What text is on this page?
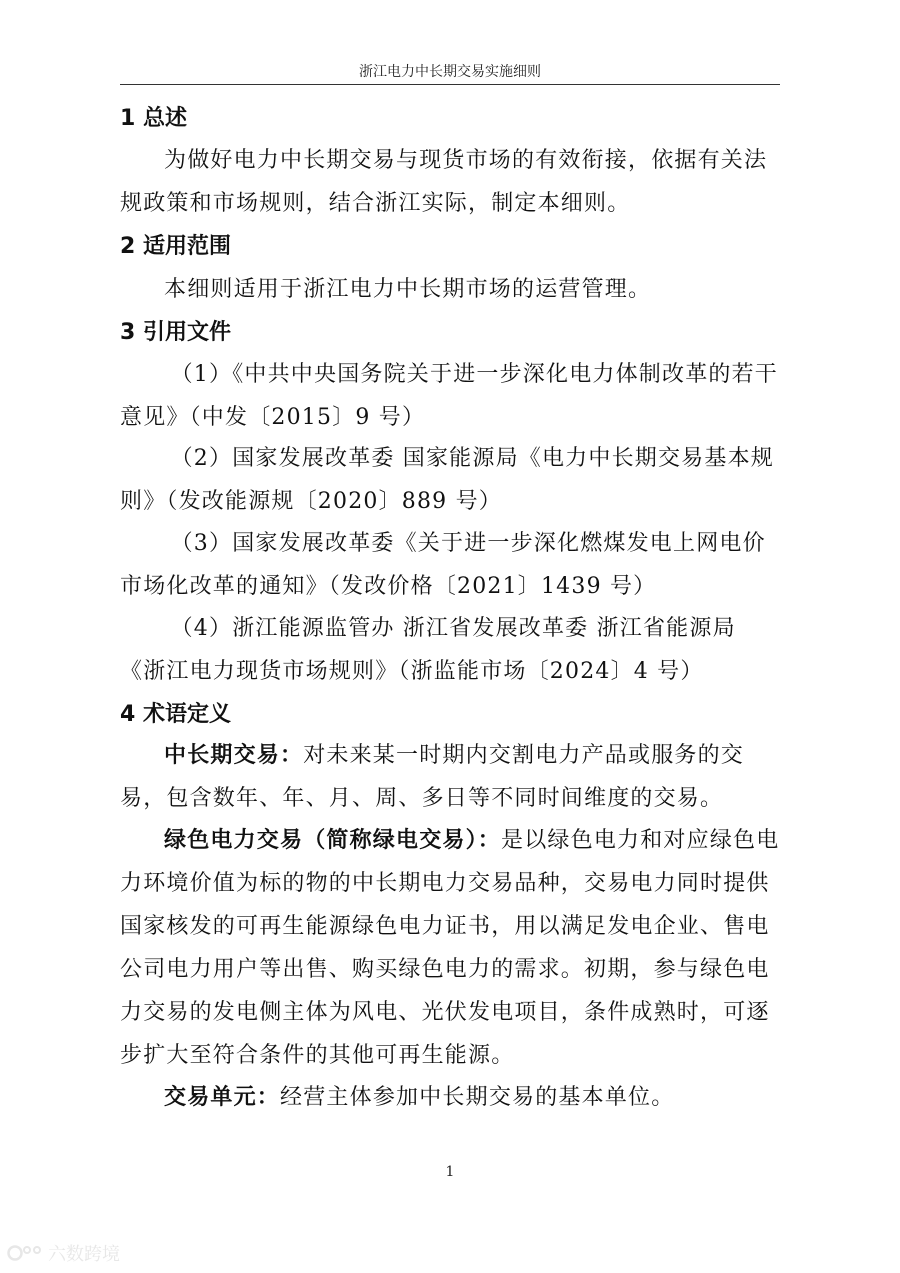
浙江电力中长期交易实施细则
1 总述

为做好电力中长期交易与现货市场的有效衔接，依据有关法规政策和市场规则，结合浙江实际，制定本细则。

2 适用范围

本细则适用于浙江电力中长期市场的运营管理。

3 引用文件

（1）《中共中央国务院关于进一步深化电力体制改革的若干意见》（中发〔2015〕9 号）

（2）国家发展改革委 国家能源局《电力中长期交易基本规则》（发改能源规〔2020〕889 号）

（3）国家发展改革委《关于进一步深化燃煤发电上网电价市场化改革的通知》（发改价格〔2021〕1439 号）

（4）浙江能源监管办 浙江省发展改革委 浙江省能源局《浙江电力现货市场规则》（浙监能市场〔2024〕4 号）

4 术语定义

中长期交易：对未来某一时期内交割电力产品或服务的交易，包含数年、年、月、周、多日等不同时间维度的交易。

绿色电力交易（简称绿电交易）：是以绿色电力和对应绿色电力环境价值为标的物的中长期电力交易品种，交易电力同时提供国家核发的可再生能源绿色电力证书，用以满足发电企业、售电公司电力用户等出售、购买绿色电力的需求。初期，参与绿色电力交易的发电侧主体为风电、光伏发电项目，条件成熟时，可逐步扩大至符合条件的其他可再生能源。

交易单元：经营主体参加中长期交易的基本单位。

1
六数跨境
